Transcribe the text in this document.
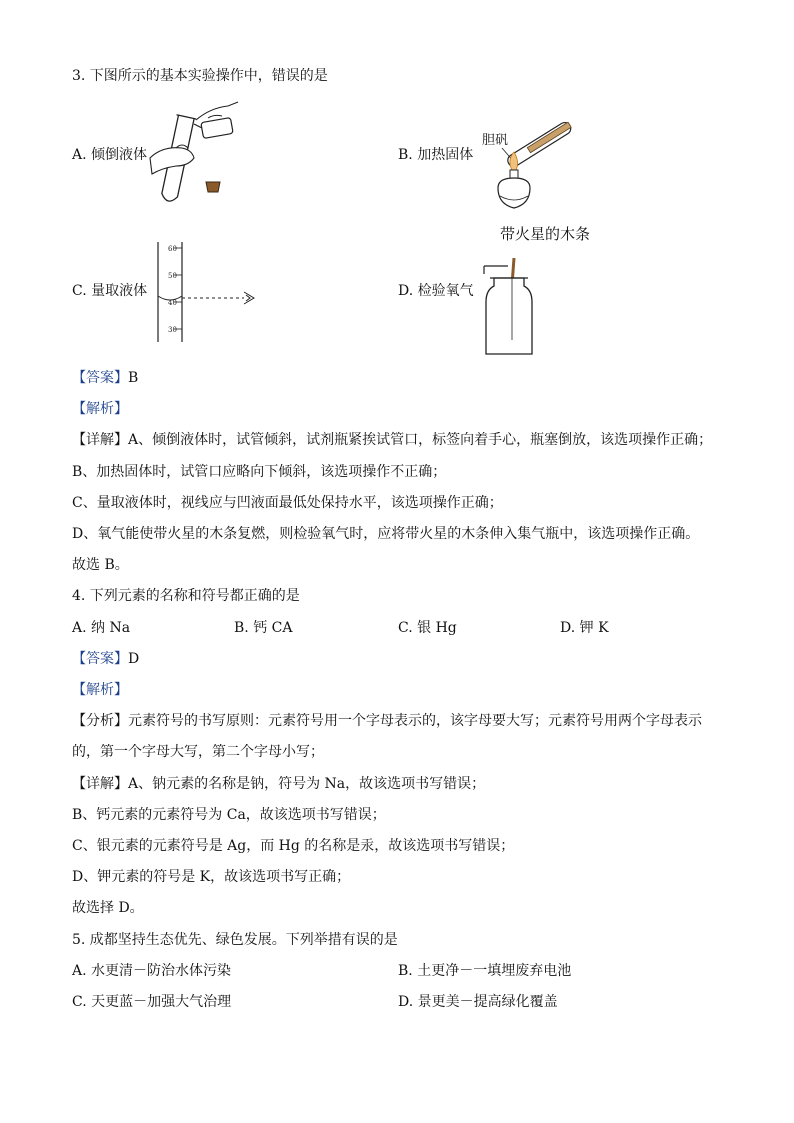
3. 下图所示的基本实验操作中，错误的是
A. 倾倒液体	B. 加热固体
C. 量取液体	D. 检验氧气
胆矾
60
50
40
30
带火星的木条
【答案】B
【解析】
【详解】A、倾倒液体时，试管倾斜，试剂瓶紧挨试管口，标签向着手心，瓶塞倒放，该选项操作正确；
B、加热固体时，试管口应略向下倾斜，该选项操作不正确；
C、量取液体时，视线应与凹液面最低处保持水平，该选项操作正确；
D、氧气能使带火星的木条复燃，则检验氧气时，应将带火星的木条伸入集气瓶中，该选项操作正确。
故选 B。
4. 下列元素的名称和符号都正确的是
A. 纳 Na	B. 钙 CA	C. 银 Hg	D. 钾 K
【答案】D
【解析】
【分析】元素符号的书写原则：元素符号用一个字母表示的，该字母要大写；元素符号用两个字母表示
的，第一个字母大写，第二个字母小写；
【详解】A、钠元素的名称是钠，符号为 Na，故该选项书写错误；
B、钙元素的元素符号为 Ca，故该选项书写错误；
C、银元素的元素符号是 Ag，而 Hg 的名称是汞，故该选项书写错误；
D、钾元素的符号是 K，故该选项书写正确；
故选择 D。
5. 成都坚持生态优先、绿色发展。下列举措有误的是
A. 水更清－防治水体污染	B. 土更净－一填埋废弃电池
C. 天更蓝－加强大气治理	D. 景更美－提高绿化覆盖
